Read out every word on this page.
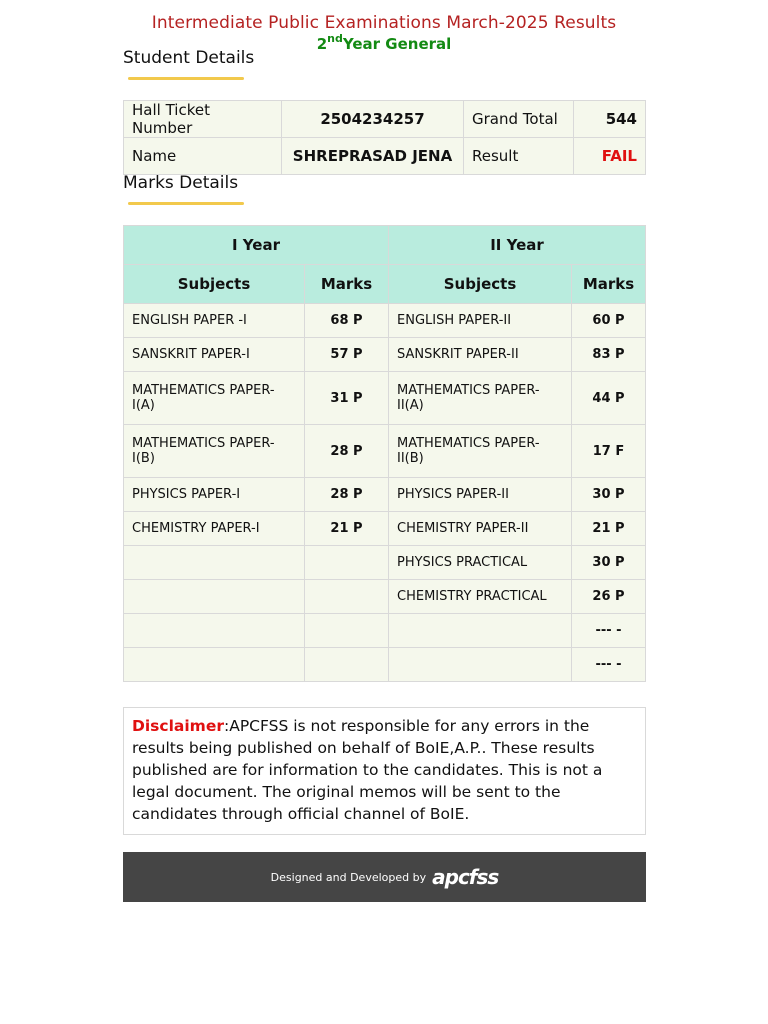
Intermediate Public Examinations March-2025 Results
2ndYear General
Student Details
Hall Ticket Number	2504234257	Grand Total	544
Name	SHREPRASAD JENA	Result	FAIL
Marks Details
I Year		II Year	
Subjects	Marks	Subjects	Marks
ENGLISH PAPER -I	68 P	ENGLISH PAPER-II	60 P
SANSKRIT PAPER-I	57 P	SANSKRIT PAPER-II	83 P
MATHEMATICS PAPER-I(A)	31 P	MATHEMATICS PAPER-II(A)	44 P
MATHEMATICS PAPER-I(B)	28 P	MATHEMATICS PAPER-II(B)	17 F
PHYSICS PAPER-I	28 P	PHYSICS PAPER-II	30 P
CHEMISTRY PAPER-I	21 P	CHEMISTRY PAPER-II	21 P
		PHYSICS PRACTICAL	30 P
		CHEMISTRY PRACTICAL	26 P
			--- -
			--- -
Disclaimer:APCFSS is not responsible for any errors in the results being published on behalf of BoIE,A.P.. These results published are for information to the candidates. This is not a legal document. The original memos will be sent to the candidates through official channel of BoIE.
Designed and Developed by apcfss
